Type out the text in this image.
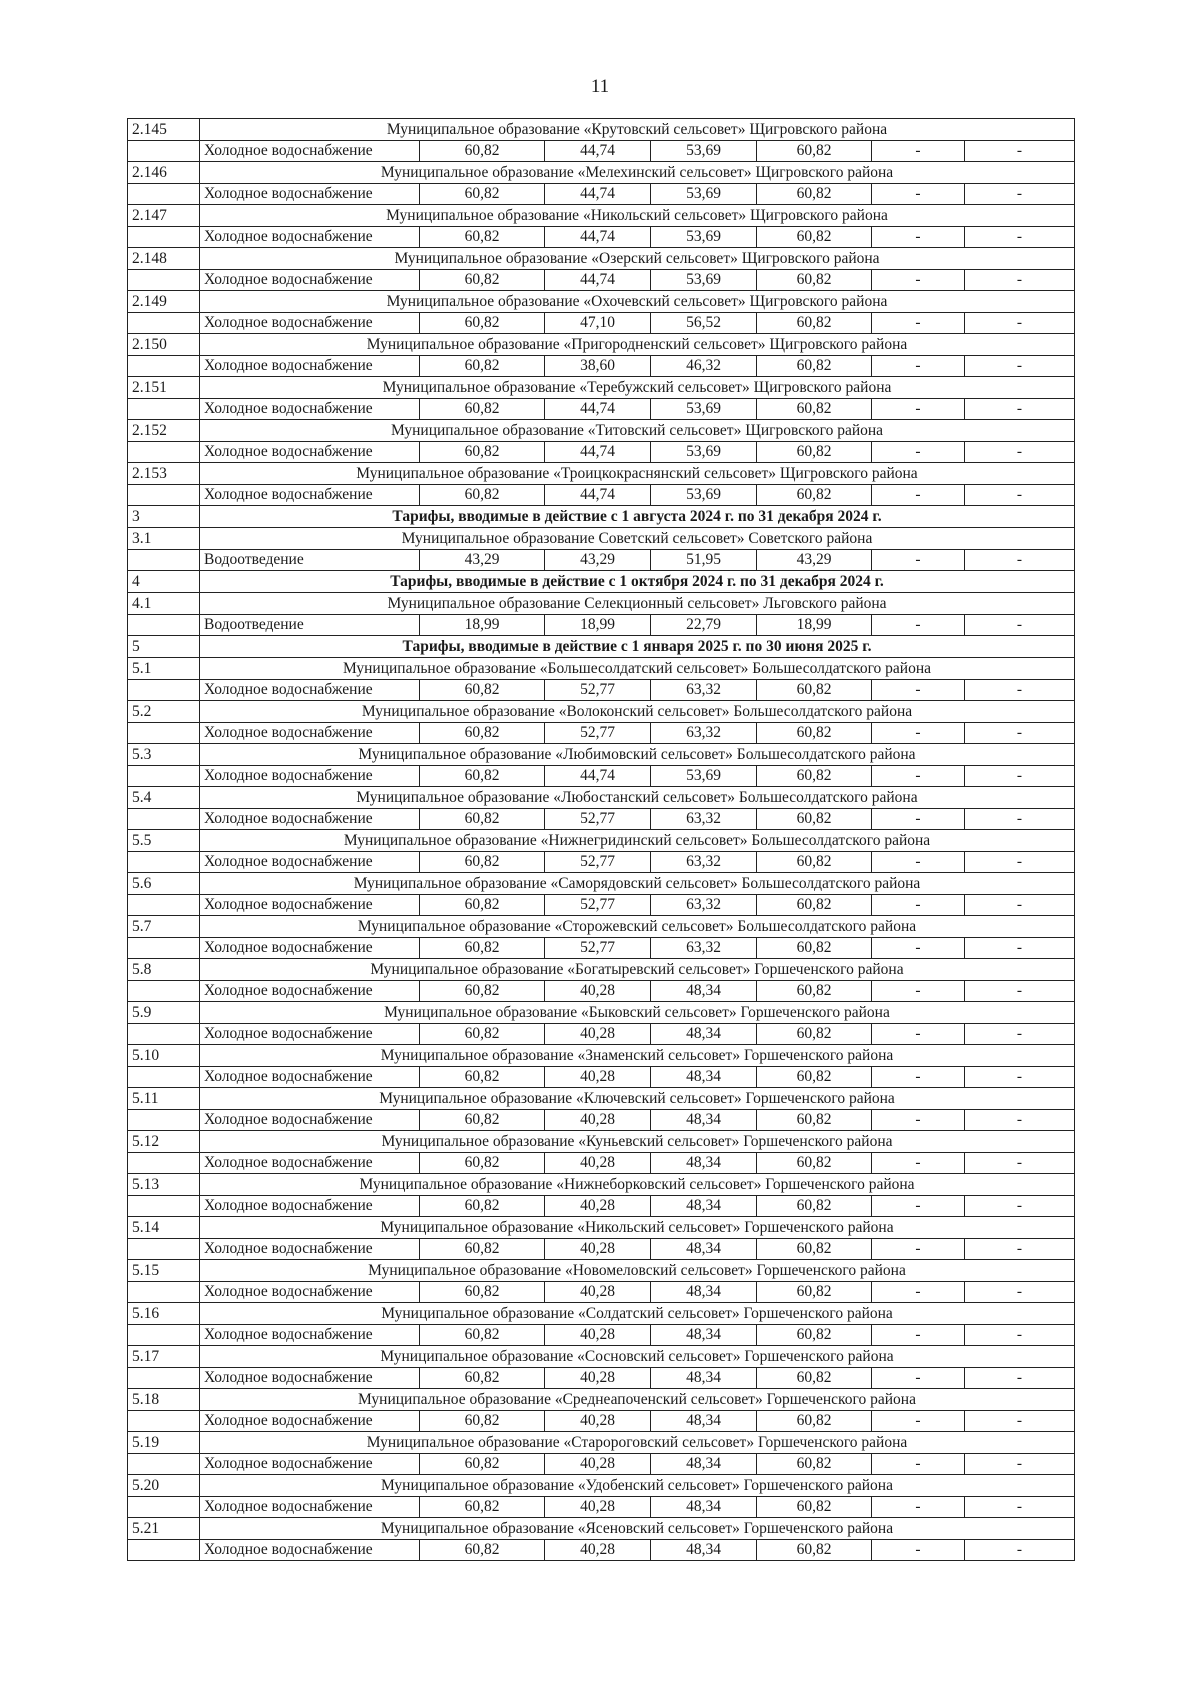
11
2.145	Муниципальное образование «Крутовский сельсовет» Щигровского района						
	Холодное водоснабжение	60,82	44,74	53,69	60,82	-	-
2.146	Муниципальное образование «Мелехинский сельсовет» Щигровского района						
	Холодное водоснабжение	60,82	44,74	53,69	60,82	-	-
2.147	Муниципальное образование «Никольский сельсовет» Щигровского района						
	Холодное водоснабжение	60,82	44,74	53,69	60,82	-	-
2.148	Муниципальное образование «Озерский сельсовет» Щигровского района						
	Холодное водоснабжение	60,82	44,74	53,69	60,82	-	-
2.149	Муниципальное образование «Охочевский сельсовет» Щигровского района						
	Холодное водоснабжение	60,82	47,10	56,52	60,82	-	-
2.150	Муниципальное образование «Пригородненский сельсовет» Щигровского района						
	Холодное водоснабжение	60,82	38,60	46,32	60,82	-	-
2.151	Муниципальное образование «Теребужский сельсовет» Щигровского района						
	Холодное водоснабжение	60,82	44,74	53,69	60,82	-	-
2.152	Муниципальное образование «Титовский сельсовет» Щигровского района						
	Холодное водоснабжение	60,82	44,74	53,69	60,82	-	-
2.153	Муниципальное образование «Троицкокраснянский сельсовет» Щигровского района						
	Холодное водоснабжение	60,82	44,74	53,69	60,82	-	-
3	Тарифы, вводимые в действие с 1 августа 2024 г. по 31 декабря 2024 г.						
3.1	Муниципальное образование Советский сельсовет» Советского района						
	Водоотведение	43,29	43,29	51,95	43,29	-	-
4	Тарифы, вводимые в действие с 1 октября 2024 г. по 31 декабря 2024 г.						
4.1	Муниципальное образование Селекционный сельсовет» Льговского района						
	Водоотведение	18,99	18,99	22,79	18,99	-	-
5	Тарифы, вводимые в действие с 1 января 2025 г. по 30 июня 2025 г.						
5.1	Муниципальное образование «Большесолдатский сельсовет» Большесолдатского района						
	Холодное водоснабжение	60,82	52,77	63,32	60,82	-	-
5.2	Муниципальное образование «Волоконский сельсовет» Большесолдатского района						
	Холодное водоснабжение	60,82	52,77	63,32	60,82	-	-
5.3	Муниципальное образование «Любимовский сельсовет» Большесолдатского района						
	Холодное водоснабжение	60,82	44,74	53,69	60,82	-	-
5.4	Муниципальное образование «Любостанский сельсовет» Большесолдатского района						
	Холодное водоснабжение	60,82	52,77	63,32	60,82	-	-
5.5	Муниципальное образование «Нижнегридинский сельсовет» Большесолдатского района						
	Холодное водоснабжение	60,82	52,77	63,32	60,82	-	-
5.6	Муниципальное образование «Саморядовский сельсовет» Большесолдатского района						
	Холодное водоснабжение	60,82	52,77	63,32	60,82	-	-
5.7	Муниципальное образование «Сторожевский сельсовет» Большесолдатского района						
	Холодное водоснабжение	60,82	52,77	63,32	60,82	-	-
5.8	Муниципальное образование «Богатыревский сельсовет» Горшеченского района						
	Холодное водоснабжение	60,82	40,28	48,34	60,82	-	-
5.9	Муниципальное образование «Быковский сельсовет» Горшеченского района						
	Холодное водоснабжение	60,82	40,28	48,34	60,82	-	-
5.10	Муниципальное образование «Знаменский сельсовет» Горшеченского района						
	Холодное водоснабжение	60,82	40,28	48,34	60,82	-	-
5.11	Муниципальное образование «Ключевский сельсовет» Горшеченского района						
	Холодное водоснабжение	60,82	40,28	48,34	60,82	-	-
5.12	Муниципальное образование «Куньевский сельсовет» Горшеченского района						
	Холодное водоснабжение	60,82	40,28	48,34	60,82	-	-
5.13	Муниципальное образование «Нижнеборковский сельсовет» Горшеченского района						
	Холодное водоснабжение	60,82	40,28	48,34	60,82	-	-
5.14	Муниципальное образование «Никольский сельсовет» Горшеченского района						
	Холодное водоснабжение	60,82	40,28	48,34	60,82	-	-
5.15	Муниципальное образование «Новомеловский сельсовет» Горшеченского района						
	Холодное водоснабжение	60,82	40,28	48,34	60,82	-	-
5.16	Муниципальное образование «Солдатский сельсовет» Горшеченского района						
	Холодное водоснабжение	60,82	40,28	48,34	60,82	-	-
5.17	Муниципальное образование «Сосновский сельсовет» Горшеченского района						
	Холодное водоснабжение	60,82	40,28	48,34	60,82	-	-
5.18	Муниципальное образование «Среднеапоченский сельсовет» Горшеченского района						
	Холодное водоснабжение	60,82	40,28	48,34	60,82	-	-
5.19	Муниципальное образование «Старороговский сельсовет» Горшеченского района						
	Холодное водоснабжение	60,82	40,28	48,34	60,82	-	-
5.20	Муниципальное образование «Удобенский сельсовет» Горшеченского района						
	Холодное водоснабжение	60,82	40,28	48,34	60,82	-	-
5.21	Муниципальное образование «Ясеновский сельсовет» Горшеченского района						
	Холодное водоснабжение	60,82	40,28	48,34	60,82	-	-
